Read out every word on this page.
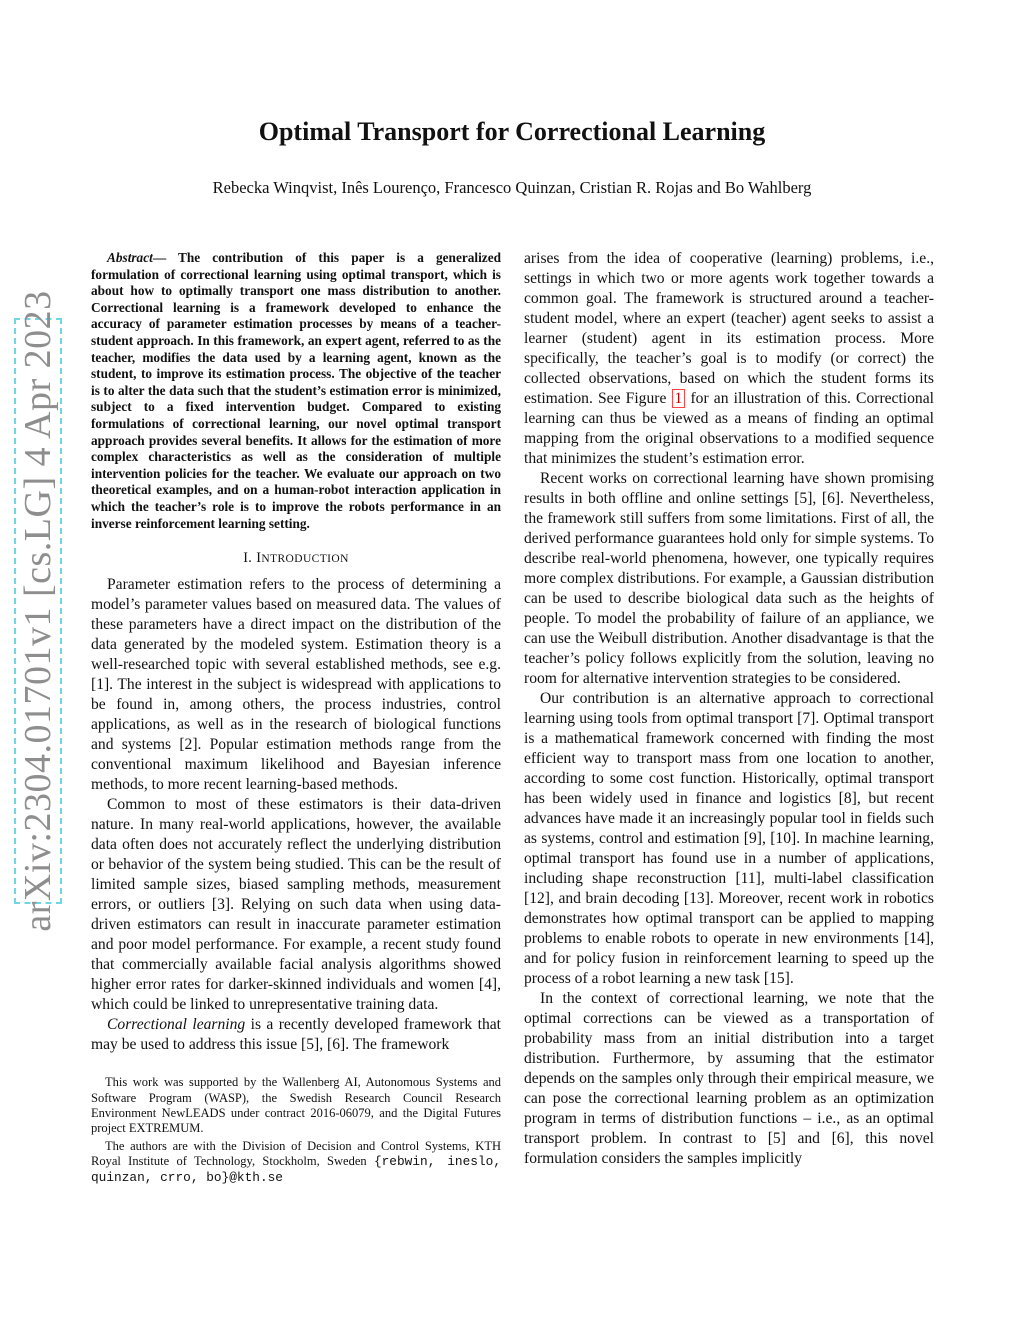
arXiv:2304.01701v1 [cs.LG] 4 Apr 2023
Optimal Transport for Correctional Learning
Rebecka Winqvist, Inês Lourenço, Francesco Quinzan, Cristian R. Rojas and Bo Wahlberg

Abstract— The contribution of this paper is a generalized formulation of correctional learning using optimal transport, which is about how to optimally transport one mass distribution to another. Correctional learning is a framework developed to enhance the accuracy of parameter estimation processes by means of a teacher-student approach. In this framework, an expert agent, referred to as the teacher, modifies the data used by a learning agent, known as the student, to improve its estimation process. The objective of the teacher is to alter the data such that the student’s estimation error is minimized, subject to a fixed intervention budget. Compared to existing formulations of correctional learning, our novel optimal transport approach provides several benefits. It allows for the estimation of more complex characteristics as well as the consideration of multiple intervention policies for the teacher. We evaluate our approach on two theoretical examples, and on a human-robot interaction application in which the teacher’s role is to improve the robots performance in an inverse reinforcement learning setting.

I. INTRODUCTION

Parameter estimation refers to the process of determining a model’s parameter values based on measured data. The values of these parameters have a direct impact on the distribution of the data generated by the modeled system. Estimation theory is a well-researched topic with several established methods, see e.g. [1]. The interest in the subject is widespread with applications to be found in, among others, the process industries, control applications, as well as in the research of biological functions and systems [2]. Popular estimation methods range from the conventional maximum likelihood and Bayesian inference methods, to more recent learning-based methods.

Common to most of these estimators is their data-driven nature. In many real-world applications, however, the available data often does not accurately reflect the underlying distribution or behavior of the system being studied. This can be the result of limited sample sizes, biased sampling methods, measurement errors, or outliers [3]. Relying on such data when using data-driven estimators can result in inaccurate parameter estimation and poor model performance. For example, a recent study found that commercially available facial analysis algorithms showed higher error rates for darker-skinned individuals and women [4], which could be linked to unrepresentative training data.

Correctional learning is a recently developed framework that may be used to address this issue [5], [6]. The framework

This work was supported by the Wallenberg AI, Autonomous Systems and Software Program (WASP), the Swedish Research Council Research Environment NewLEADS under contract 2016-06079, and the Digital Futures project EXTREMUM.

The authors are with the Division of Decision and Control Systems, KTH Royal Institute of Technology, Stockholm, Sweden {rebwin, ineslo, quinzan, crro, bo}@kth.se

arises from the idea of cooperative (learning) problems, i.e., settings in which two or more agents work together towards a common goal. The framework is structured around a teacher-student model, where an expert (teacher) agent seeks to assist a learner (student) agent in its estimation process. More specifically, the teacher’s goal is to modify (or correct) the collected observations, based on which the student forms its estimation. See Figure 1 for an illustration of this. Correctional learning can thus be viewed as a means of finding an optimal mapping from the original observations to a modified sequence that minimizes the student’s estimation error.

Recent works on correctional learning have shown promising results in both offline and online settings [5], [6]. Nevertheless, the framework still suffers from some limitations. First of all, the derived performance guarantees hold only for simple systems. To describe real-world phenomena, however, one typically requires more complex distributions. For example, a Gaussian distribution can be used to describe biological data such as the heights of people. To model the probability of failure of an appliance, we can use the Weibull distribution. Another disadvantage is that the teacher’s policy follows explicitly from the solution, leaving no room for alternative intervention strategies to be considered.

Our contribution is an alternative approach to correctional learning using tools from optimal transport [7]. Optimal transport is a mathematical framework concerned with finding the most efficient way to transport mass from one location to another, according to some cost function. Historically, optimal transport has been widely used in finance and logistics [8], but recent advances have made it an increasingly popular tool in fields such as systems, control and estimation [9], [10]. In machine learning, optimal transport has found use in a number of applications, including shape reconstruction [11], multi-label classification [12], and brain decoding [13]. Moreover, recent work in robotics demonstrates how optimal transport can be applied to mapping problems to enable robots to operate in new environments [14], and for policy fusion in reinforcement learning to speed up the process of a robot learning a new task [15].

In the context of correctional learning, we note that the optimal corrections can be viewed as a transportation of probability mass from an initial distribution into a target distribution. Furthermore, by assuming that the estimator depends on the samples only through their empirical measure, we can pose the correctional learning problem as an optimization program in terms of distribution functions – i.e., as an optimal transport problem. In contrast to [5] and [6], this novel formulation considers the samples implicitly
